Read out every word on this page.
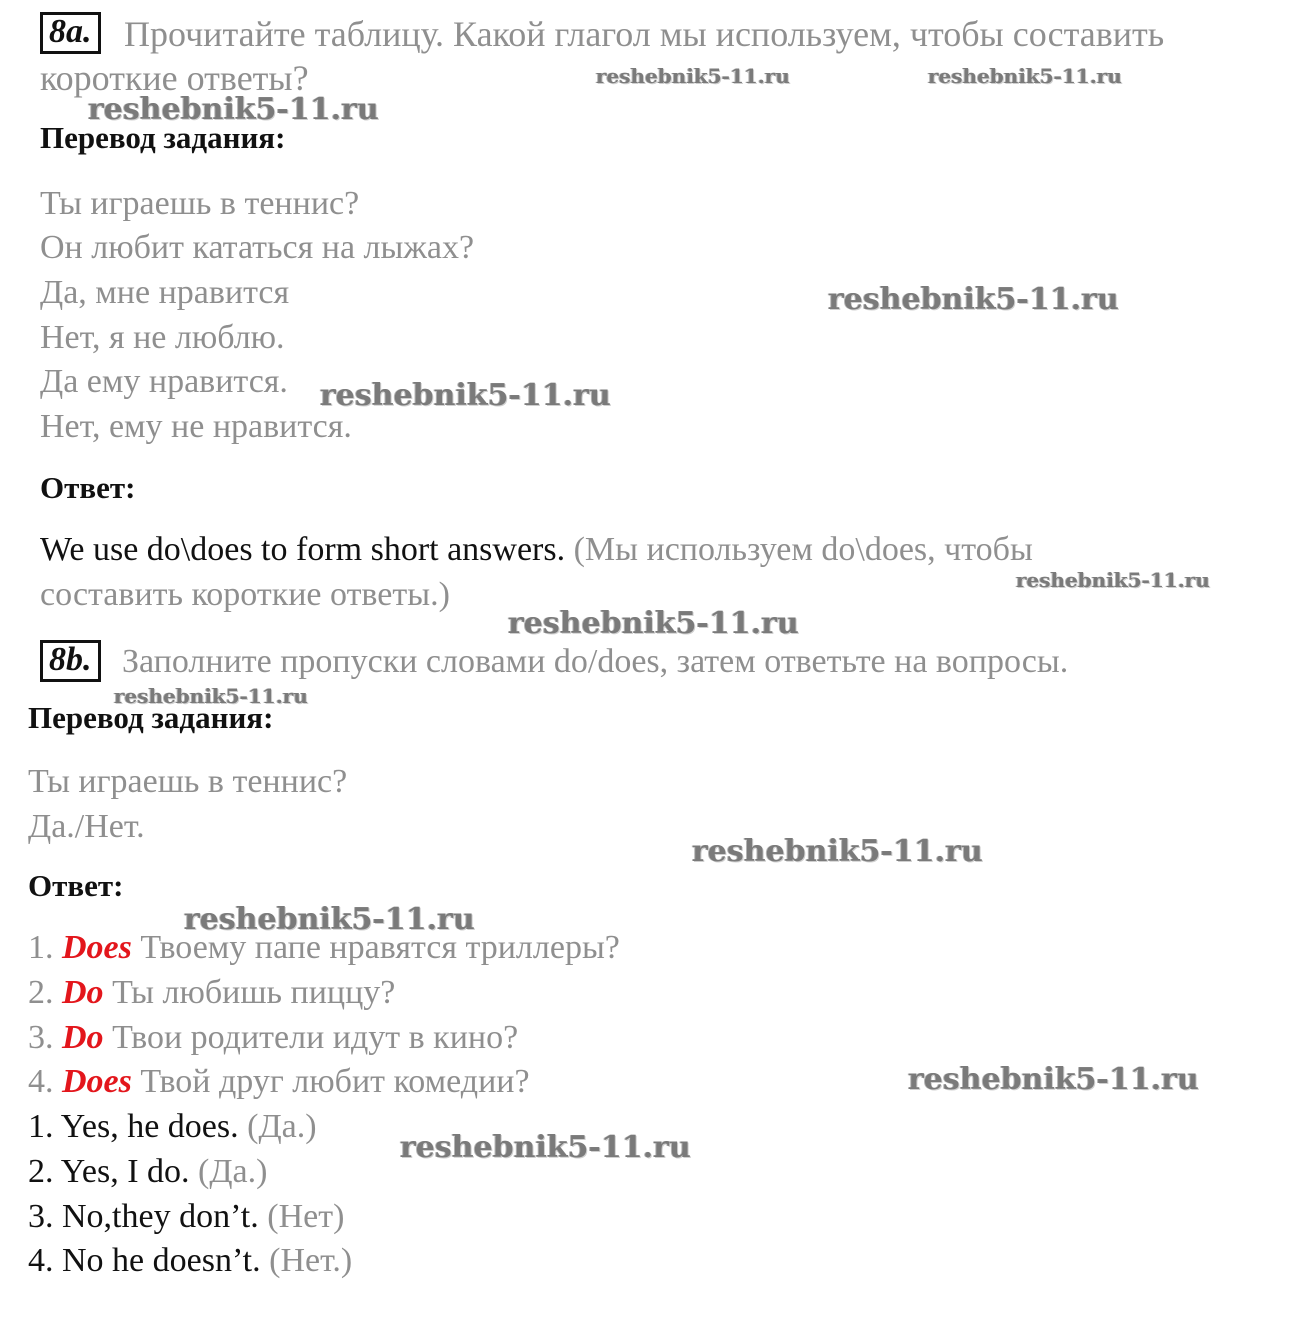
8a. Прочитайте таблицу. Какой глагол мы используем, чтобы составить
короткие ответы?
Перевод задания:
Ты играешь в теннис?
Он любит кататься на лыжах?
Да, мне нравится
Нет, я не люблю.
Да ему нравится.
Нет, ему не нравится.
Ответ:
We use do\does to form short answers. (Мы используем do\does, чтобы
составить короткие ответы.)
8b. Заполните пропуски словами do/does, затем ответьте на вопросы.
Перевод задания:
Ты играешь в теннис?
Да./Нет.
Ответ:
1. Does Твоему папе нравятся триллеры?
2. Do Ты любишь пиццу?
3. Do Твои родители идут в кино?
4. Does Твой друг любит комедии?
1. Yes, he does. (Да.)
2. Yes, I do. (Да.)
3. No,they don’t. (Нет)
4. No he doesn’t. (Нет.)
reshebnik5-11.ru	reshebnik5-11.ru
reshebnik5-11.ru
reshebnik5-11.ru
reshebnik5-11.ru
reshebnik5-11.ru
reshebnik5-11.ru
reshebnik5-11.ru
reshebnik5-11.ru
reshebnik5-11.ru
reshebnik5-11.ru
reshebnik5-11.ru
